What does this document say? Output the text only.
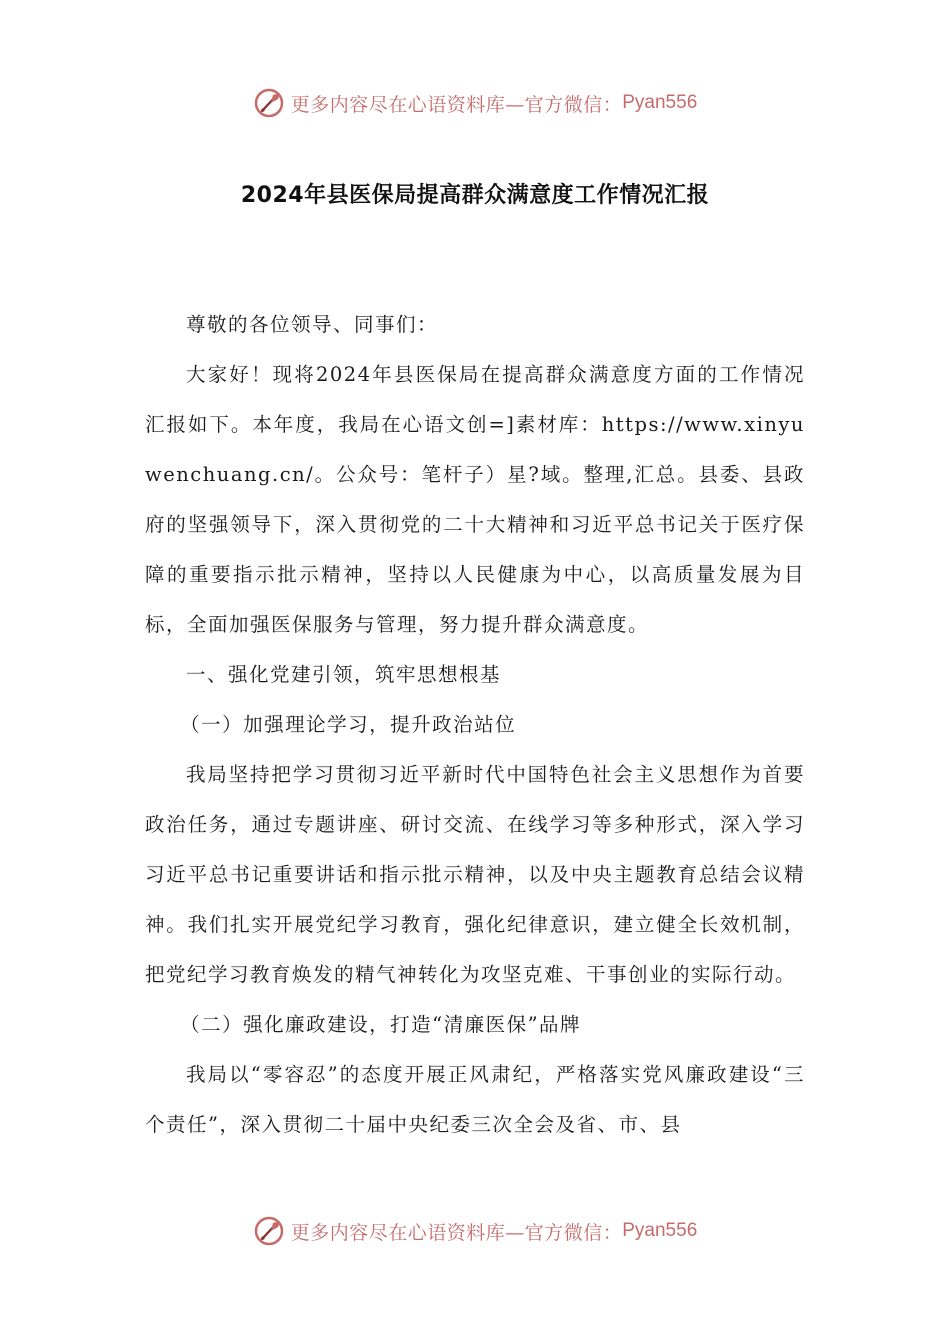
更多内容尽在心语资料库—官方微信： Pyan556
2024年县医保局提高群众满意度工作情况汇报

尊敬的各位领导、同事们：

大家好！现将2024年县医保局在提高群众满意度方面的工作情况汇报如下。本年度，我局在心语文创=]素材库：https://www.xinyuwenchuang.cn/。公众号：笔杆子）星?域。整理,汇总。县委、县政府的坚强领导下，深入贯彻党的二十大精神和习近平总书记关于医疗保障的重要指示批示精神，坚持以人民健康为中心，以高质量发展为目标，全面加强医保服务与管理，努力提升群众满意度。

一、强化党建引领，筑牢思想根基

（一）加强理论学习，提升政治站位

我局坚持把学习贯彻习近平新时代中国特色社会主义思想作为首要政治任务，通过专题讲座、研讨交流、在线学习等多种形式，深入学习习近平总书记重要讲话和指示批示精神，以及中央主题教育总结会议精神。我们扎实开展党纪学习教育，强化纪律意识，建立健全长效机制，把党纪学习教育焕发的精气神转化为攻坚克难、干事创业的实际行动。

（二）强化廉政建设，打造“清廉医保”品牌

我局以“零容忍”的态度开展正风肃纪，严格落实党风廉政建设“三个责任”，深入贯彻二十届中央纪委三次全会及省、市、县

更多内容尽在心语资料库—官方微信： Pyan556
